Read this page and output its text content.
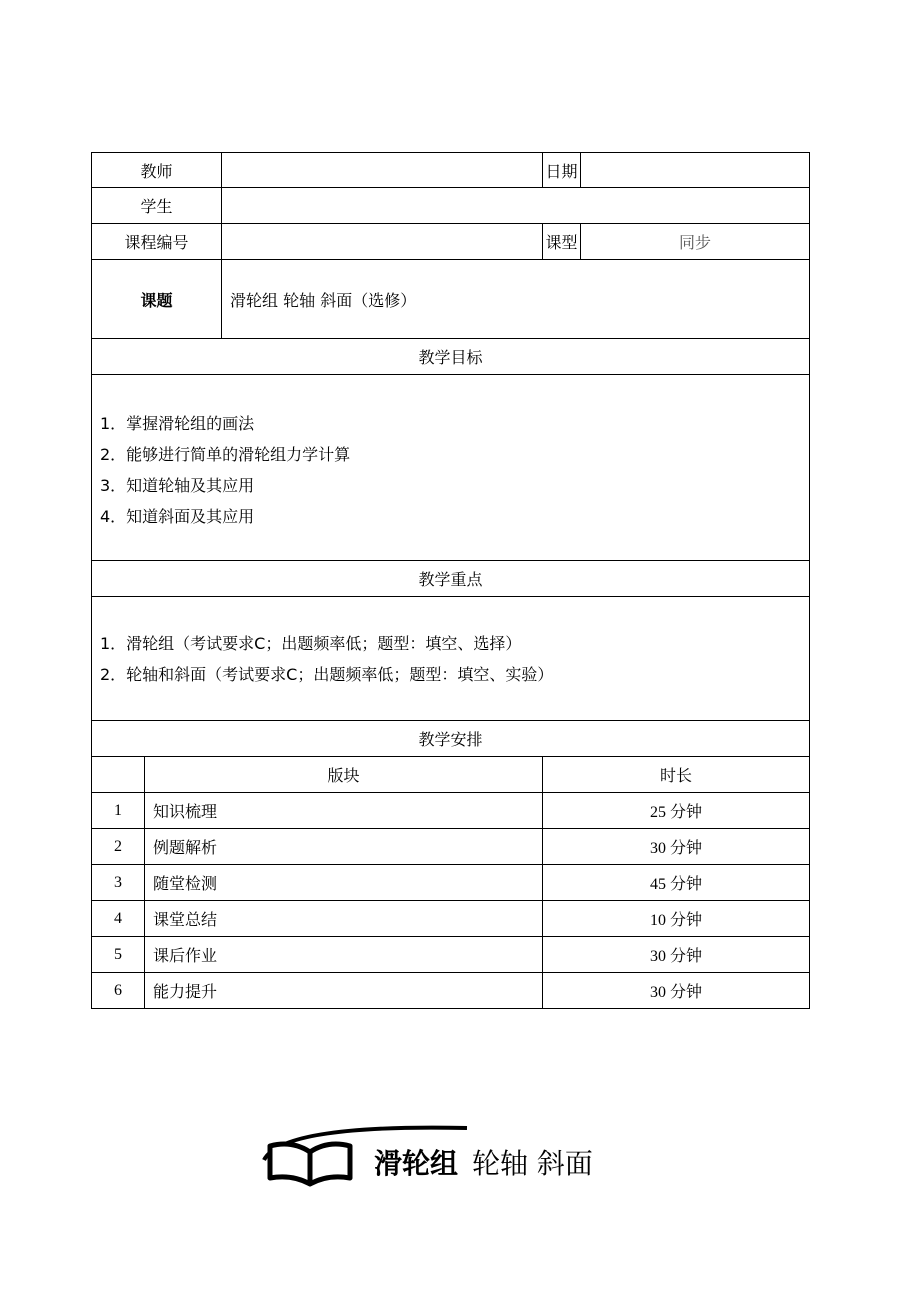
教师			日期	
学生				
课程编号			课型	同步
课题		滑轮组 轮轴 斜面（选修）		
教学目标				

1．掌握滑轮组的画法
2．能够进行简单的滑轮组力学计算
3．知道轮轴及其应用
4．知道斜面及其应用				

教学重点				

1．滑轮组（考试要求C；出题频率低；题型：填空、选择）
2．轮轴和斜面（考试要求C；出题频率低；题型：填空、实验）				

教学安排				
	版块		时长	
1	知识梳理		25 分钟	
2	例题解析		30 分钟	
3	随堂检测		45 分钟	
4	课堂总结		10 分钟	
5	课后作业		30 分钟	
6	能力提升		30 分钟	
滑轮组 轮轴 斜面
